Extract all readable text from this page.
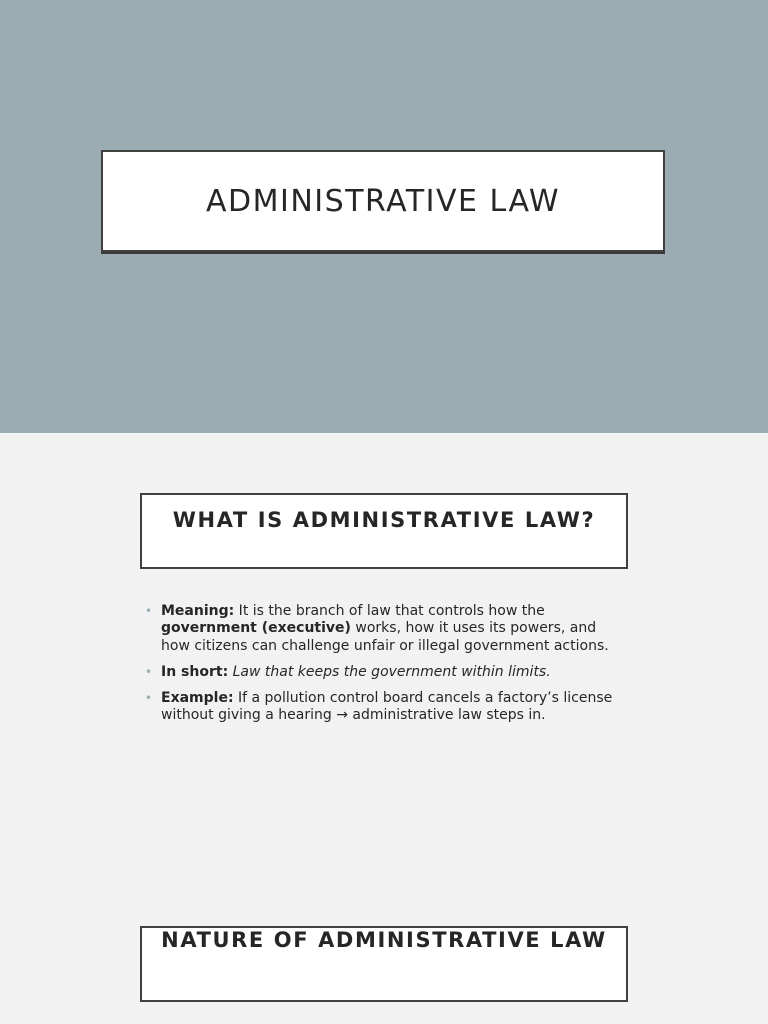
ADMINISTRATIVE LAW
WHAT IS ADMINISTRATIVE LAW?
• Meaning: It is the branch of law that controls how the government (executive) works, how it uses its powers, and how citizens can challenge unfair or illegal government actions.
• In short: Law that keeps the government within limits.
• Example: If a pollution control board cancels a factory’s license without giving a hearing → administrative law steps in.
NATURE OF ADMINISTRATIVE LAW
